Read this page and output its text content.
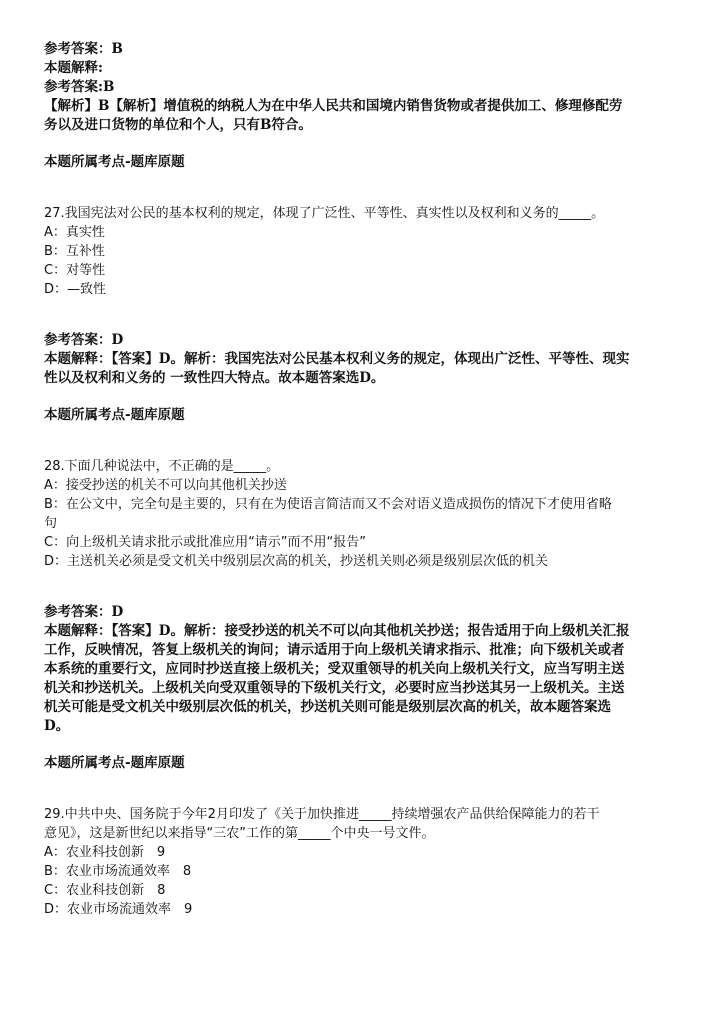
参考答案：B
本题解释:
参考答案:B
【解析】B【解析】增值税的纳税人为在中华人民共和国境内销售货物或者提供加工、修理修配劳
务以及进口货物的单位和个人，只有B符合。
本题所属考点-题库原题
27.我国宪法对公民的基本权利的规定，体现了广泛性、平等性、真实性以及权利和义务的_____。
A：真实性
B：互补性
C：对等性
D：—致性
参考答案：D
本题解释：【答案】D。解析：我国宪法对公民基本权利义务的规定，体现出广泛性、平等性、现实
性以及权利和义务的 一致性四大特点。故本题答案选D。
本题所属考点-题库原题
28.下面几种说法中，不正确的是_____。
A：接受抄送的机关不可以向其他机关抄送
B：在公文中，完全句是主要的，只有在为使语言简洁而又不会对语义造成损伤的情况下才使用省略
句
C：向上级机关请求批示或批准应用“请示”而不用“报告”
D：主送机关必须是受文机关中级别层次高的机关，抄送机关则必须是级别层次低的机关
参考答案：D
本题解释：【答案】D。解析：接受抄送的机关不可以向其他机关抄送；报告适用于向上级机关汇报
工作，反映情况，答复上级机关的询问；请示适用于向上级机关请求指示、批准；向下级机关或者
本系统的重要行文，应同时抄送直接上级机关；受双重领导的机关向上级机关行文，应当写明主送
机关和抄送机关。上级机关向受双重领导的下级机关行文，必要时应当抄送其另一上级机关。主送
机关可能是受文机关中级别层次低的机关，抄送机关则可能是级别层次高的机关，故本题答案选
D。
本题所属考点-题库原题
29.中共中央、国务院于今年2月印发了《关于加快推进_____持续增强农产品供给保障能力的若干
意见》，这是新世纪以来指导“三农”工作的第_____个中央一号文件。
A：农业科技创新　9
B：农业市场流通效率　8
C：农业科技创新　8
D：农业市场流通效率　9
